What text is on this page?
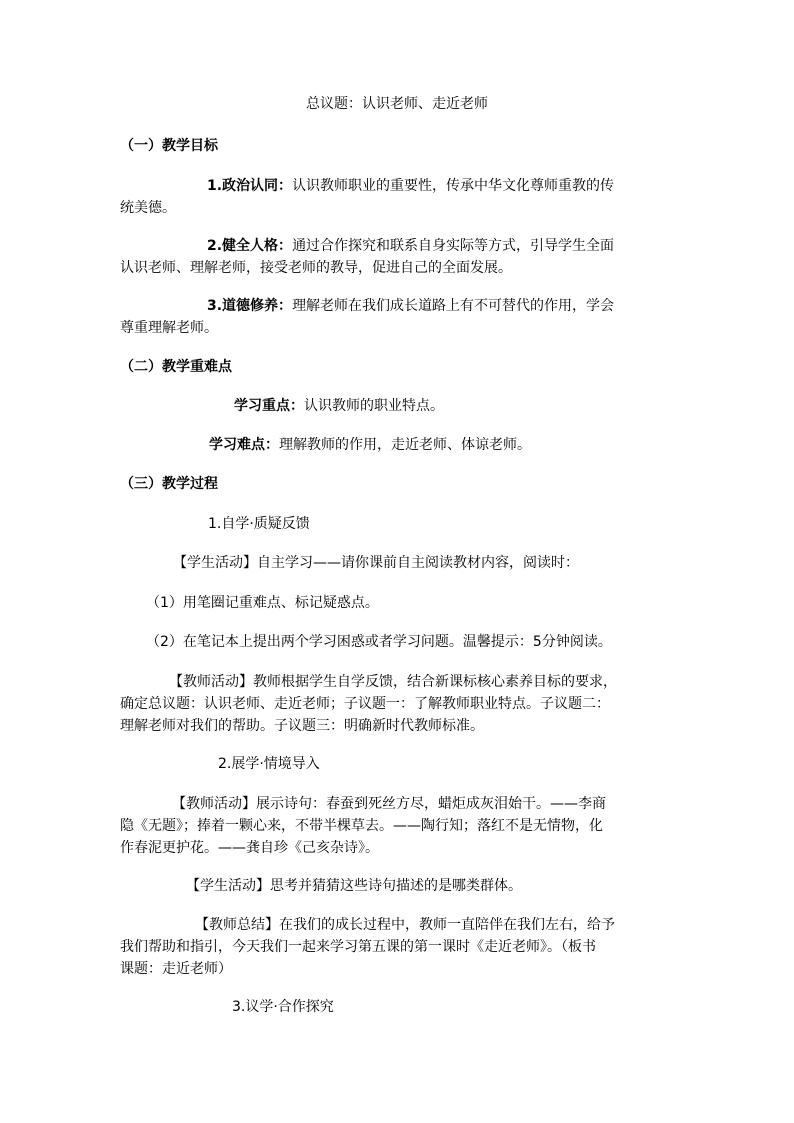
总议题：认识老师、走近老师
（一）教学目标
1.政治认同：认识教师职业的重要性，传承中华文化尊师重教的传
统美德。
2.健全人格：通过合作探究和联系自身实际等方式，引导学生全面
认识老师、理解老师，接受老师的教导，促进自己的全面发展。
3.道德修养：理解老师在我们成长道路上有不可替代的作用，学会
尊重理解老师。
（二）教学重难点
学习重点：认识教师的职业特点。
学习难点：理解教师的作用，走近老师、体谅老师。
（三）教学过程
1.自学·质疑反馈
【学生活动】自主学习——请你课前自主阅读教材内容，阅读时：
（1）用笔圈记重难点、标记疑惑点。
（2）在笔记本上提出两个学习困惑或者学习问题。温馨提示：5分钟阅读。
【教师活动】教师根据学生自学反馈，结合新课标核心素养目标的要求，
确定总议题：认识老师、走近老师；子议题一：了解教师职业特点。子议题二：
理解老师对我们的帮助。子议题三：明确新时代教师标准。
2.展学·情境导入
【教师活动】展示诗句：春蚕到死丝方尽，蜡炬成灰泪始干。——李商
隐《无题》；捧着一颗心来，不带半棵草去。——陶行知；落红不是无情物，化
作春泥更护花。——龚自珍《己亥杂诗》。
【学生活动】思考并猜猜这些诗句描述的是哪类群体。
【教师总结】在我们的成长过程中，教师一直陪伴在我们左右，给予
我们帮助和指引，今天我们一起来学习第五课的第一课时《走近老师》。（板书
课题：走近老师）
3.议学·合作探究
